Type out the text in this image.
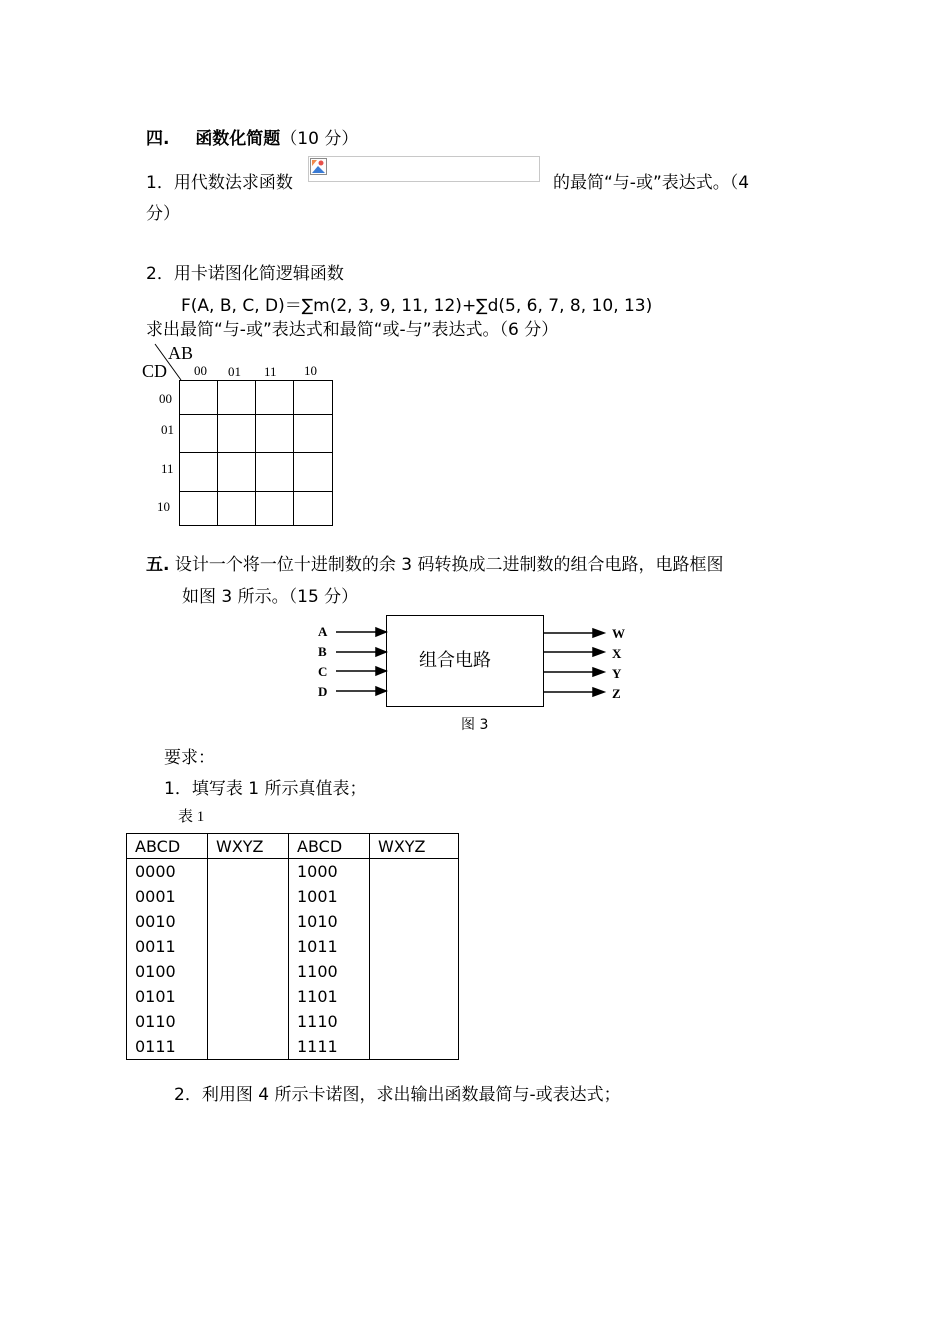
四. 函数化简题（10 分）
1．用代数法求函数	的最简“与-或”表达式。（4
分）
2．用卡诺图化简逻辑函数
F(A, B, C, D)＝∑m(2, 3, 9, 11, 12)+∑d(5, 6, 7, 8, 10, 13)
求出最简“与-或”表达式和最简“或-与”表达式。（6 分）
AB
CD 00 01 11 10
00
01
11
10
五. 设计一个将一位十进制数的余 3 码转换成二进制数的组合电路，电路框图
如图 3 所示。（15 分）
A
B
C
D
组合电路
W
X
Y
Z
图 3
要求：
1．填写表 1 所示真值表；
表 1
ABCD	WXYZ	ABCD	WXYZ
0000		1000	
0001		1001	
0010		1010	
0011		1011	
0100		1100	
0101		1101	
0110		1110	
0111		1111	
2．利用图 4 所示卡诺图，求出输出函数最简与-或表达式；
